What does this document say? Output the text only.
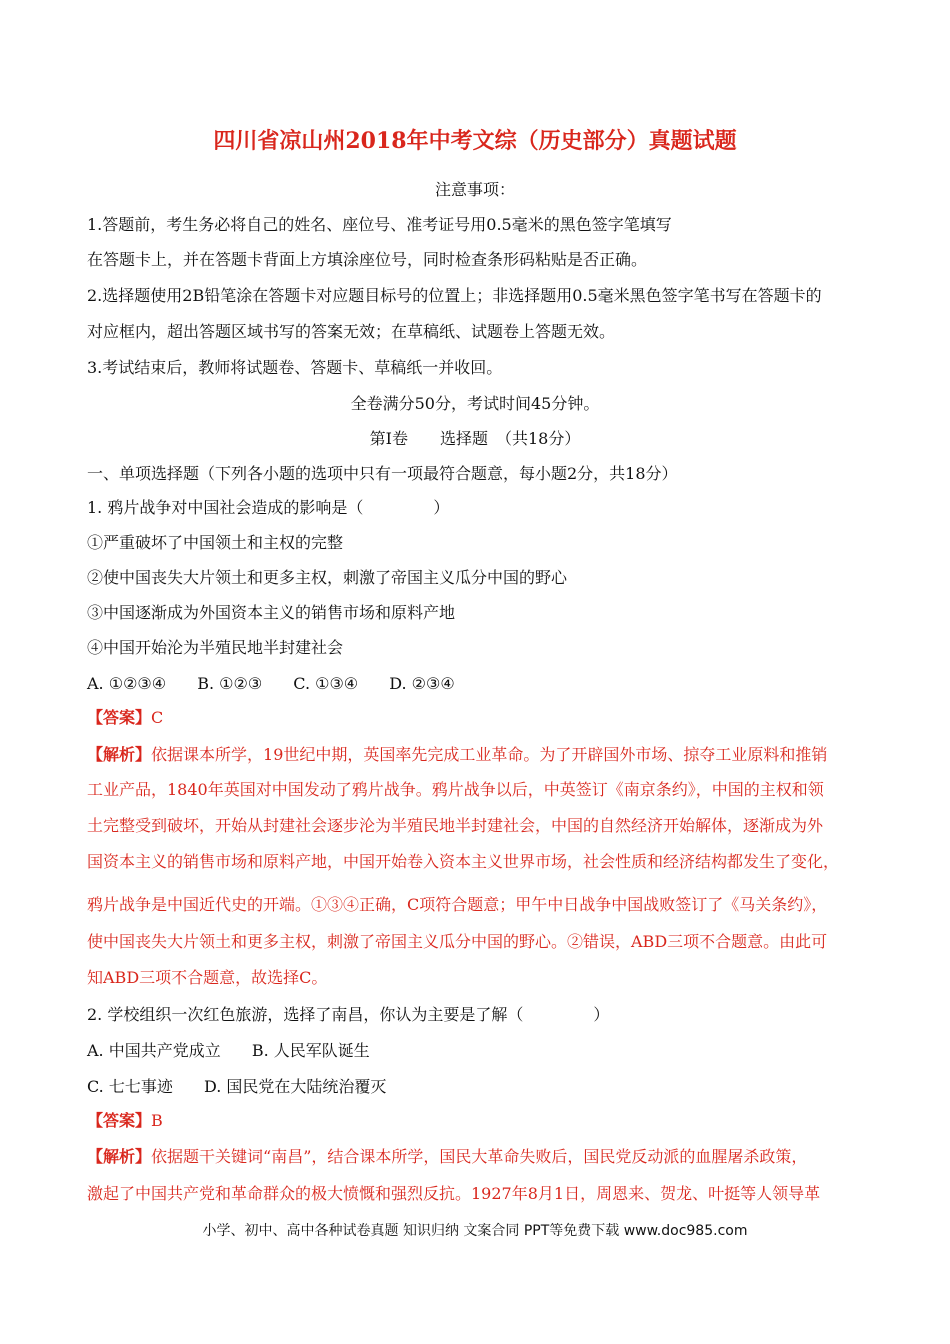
四川省凉山州2018年中考文综（历史部分）真题试题
注意事项：
1.答题前，考生务必将自己的姓名、座位号、准考证号用0.5毫米的黑色签字笔填写
在答题卡上，并在答题卡背面上方填涂座位号，同时检查条形码粘贴是否正确。
2.选择题使用2B铅笔涂在答题卡对应题目标号的位置上；非选择题用0.5毫米黑色签字笔书写在答题卡的
对应框内，超出答题区域书写的答案无效；在草稿纸、试题卷上答题无效。
3.考试结束后，教师将试题卷、答题卡、草稿纸一并收回。
全卷满分50分，考试时间45分钟。
第Ⅰ卷　　选择题　（共18分）
一、单项选择题（下列各小题的选项中只有一项最符合题意，每小题2分，共18分）
1. 鸦片战争对中国社会造成的影响是（	）
①严重破坏了中国领土和主权的完整
②使中国丧失大片领土和更多主权，刺激了帝国主义瓜分中国的野心
③中国逐渐成为外国资本主义的销售市场和原料产地
④中国开始沦为半殖民地半封建社会
A. ①②③④ B. ①②③ C. ①③④ D. ②③④
【答案】C
【解析】依据课本所学，19世纪中期，英国率先完成工业革命。为了开辟国外市场、掠夺工业原料和推销
工业产品，1840年英国对中国发动了鸦片战争。鸦片战争以后，中英签订《南京条约》，中国的主权和领
土完整受到破坏，开始从封建社会逐步沦为半殖民地半封建社会，中国的自然经济开始解体，逐渐成为外
国资本主义的销售市场和原料产地，中国开始卷入资本主义世界市场，社会性质和经济结构都发生了变化，
鸦片战争是中国近代史的开端。①③④正确，C项符合题意；甲午中日战争中国战败签订了《马关条约》，
使中国丧失大片领土和更多主权，刺激了帝国主义瓜分中国的野心。②错误，ABD三项不合题意。由此可
知ABD三项不合题意，故选择C。
2. 学校组织一次红色旅游，选择了南昌，你认为主要是了解（	）
A. 中国共产党成立 B. 人民军队诞生
C. 七七事迹 D. 国民党在大陆统治覆灭
【答案】B
【解析】依据题干关键词“南昌”，结合课本所学，国民大革命失败后，国民党反动派的血腥屠杀政策，
激起了中国共产党和革命群众的极大愤慨和强烈反抗。1927年8月1日，周恩来、贺龙、叶挺等人领导革
小学、初中、高中各种试卷真题 知识归纳 文案合同 PPT等免费下载 www.doc985.com
